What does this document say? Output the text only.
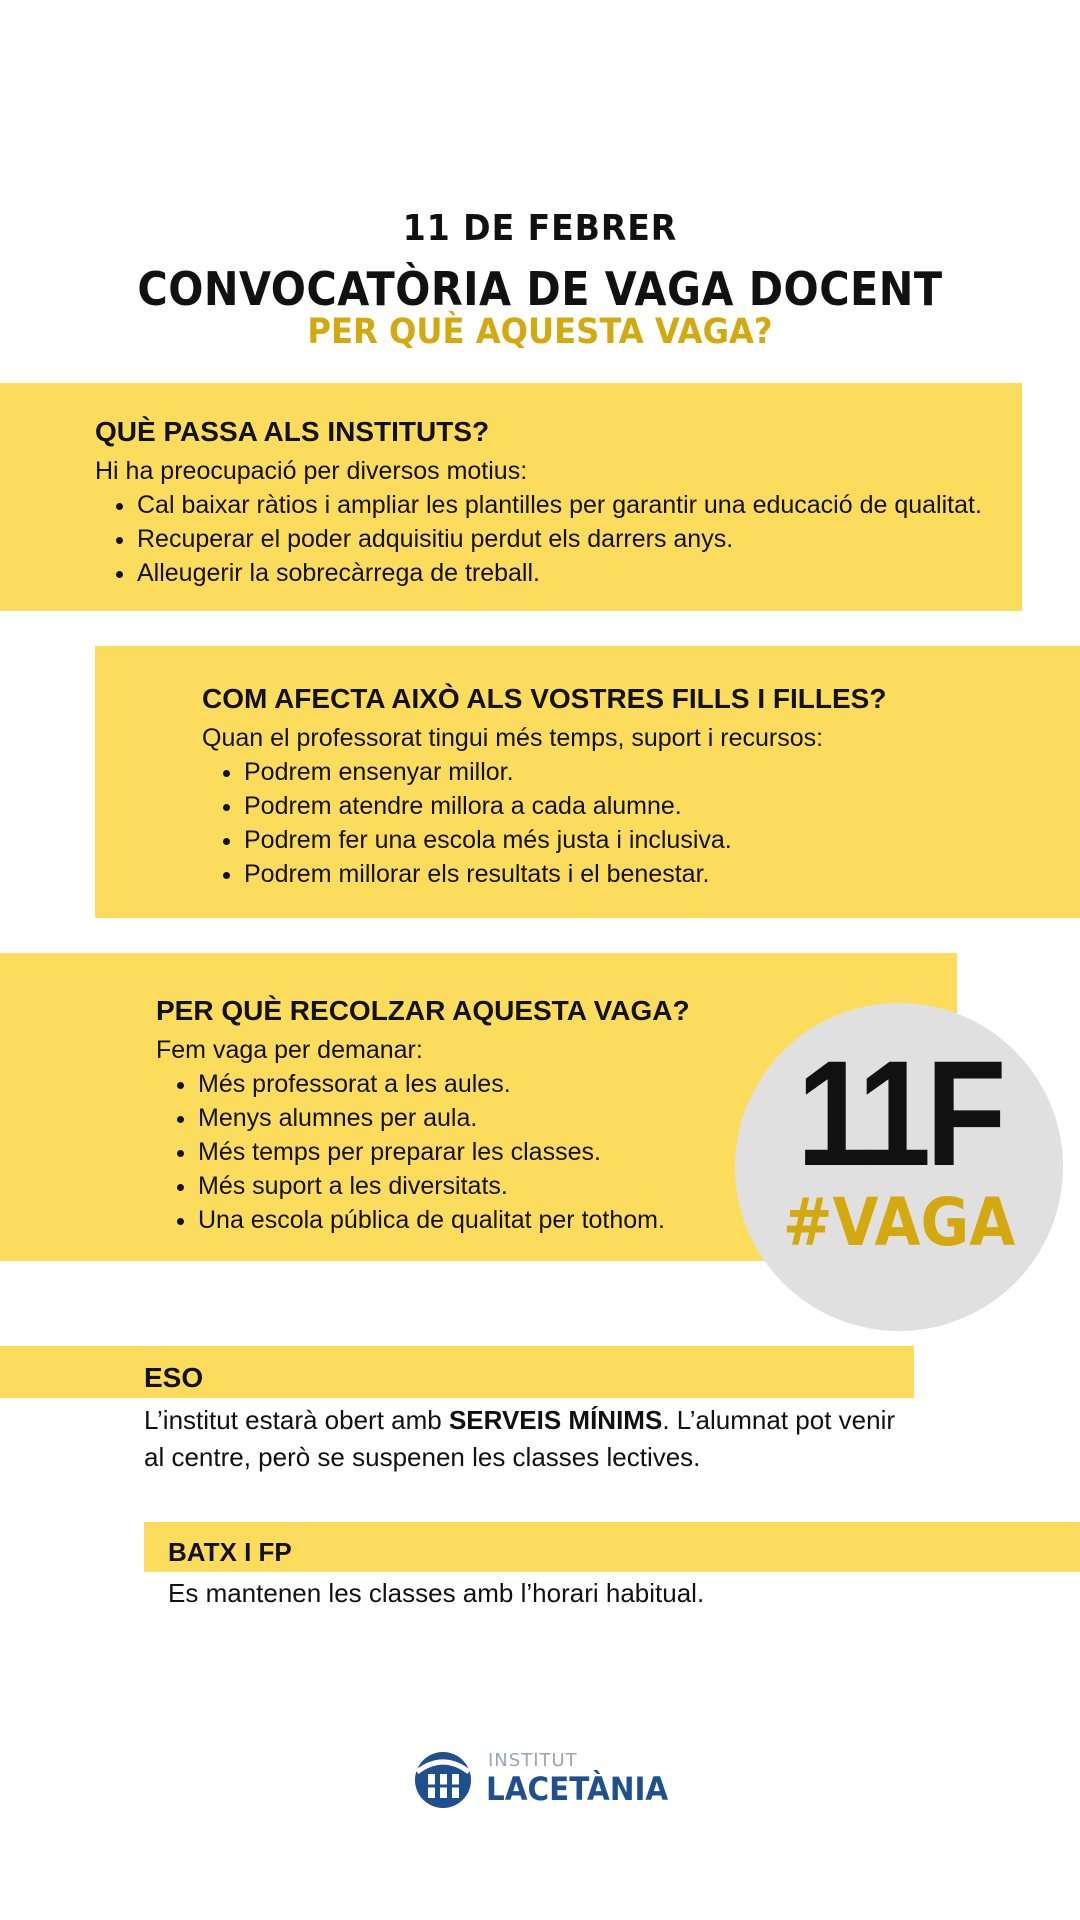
11 DE FEBRER
CONVOCATÒRIA DE VAGA DOCENT
PER QUÈ AQUESTA VAGA?
QUÈ PASSA ALS INSTITUTS?

Hi ha preocupació per diversos motius:

• Cal baixar ràtios i ampliar les plantilles per garantir una educació de qualitat.
• Recuperar el poder adquisitiu perdut els darrers anys.
• Alleugerir la sobrecàrrega de treball.
COM AFECTA AIXÒ ALS VOSTRES FILLS I FILLES?

Quan el professorat tingui més temps, suport i recursos:

• Podrem ensenyar millor.
• Podrem atendre millora a cada alumne.
• Podrem fer una escola més justa i inclusiva.
• Podrem millorar els resultats i el benestar.
PER QUÈ RECOLZAR AQUESTA VAGA?

Fem vaga per demanar:

• Més professorat a les aules.
• Menys alumnes per aula.
• Més temps per preparar les classes.
• Més suport a les diversitats.
• Una escola pública de qualitat per tothom.
11F
#VAGA
ESO
L’institut estarà obert amb SERVEIS MÍNIMS. L’alumnat pot venir al centre, però se suspenen les classes lectives.
BATX I FP
Es mantenen les classes amb l’horari habitual.
INSTITUT
LACETÀNIA
